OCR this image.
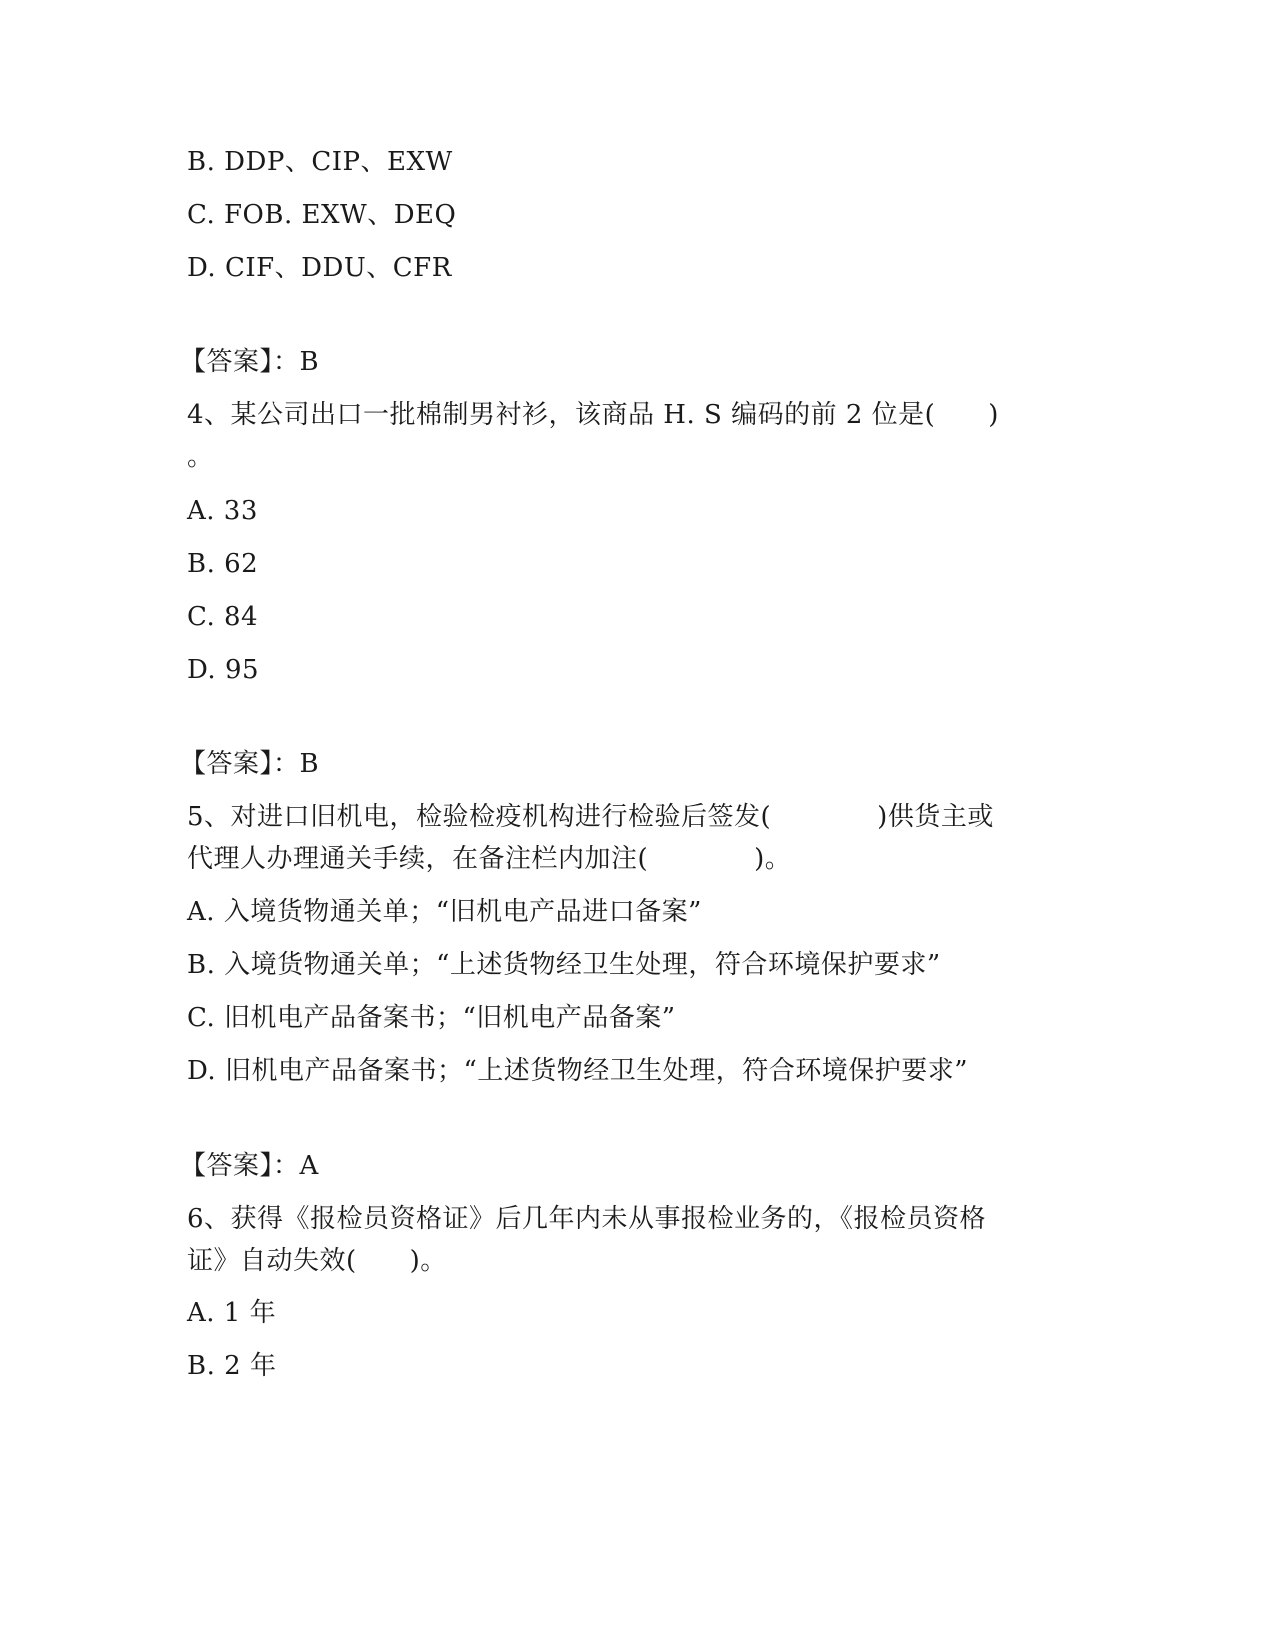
B. DDP、CIP、EXW
C. FOB. EXW、DEQ
D. CIF、DDU、CFR
【答案】：B
4、某公司出口一批棉制男衬衫，该商品 H. S 编码的前 2 位是(　　)
。
A. 33
B. 62
C. 84
D. 95
【答案】：B
5、对进口旧机电，检验检疫机构进行检验后签发(　　　　)供货主或
代理人办理通关手续，在备注栏内加注(　　　　)。
A. 入境货物通关单；“旧机电产品进口备案”
B. 入境货物通关单；“上述货物经卫生处理，符合环境保护要求”
C. 旧机电产品备案书；“旧机电产品备案”
D. 旧机电产品备案书；“上述货物经卫生处理，符合环境保护要求”
【答案】：A
6、获得《报检员资格证》后几年内未从事报检业务的，《报检员资格
证》自动失效(　　)。
A. 1 年
B. 2 年
